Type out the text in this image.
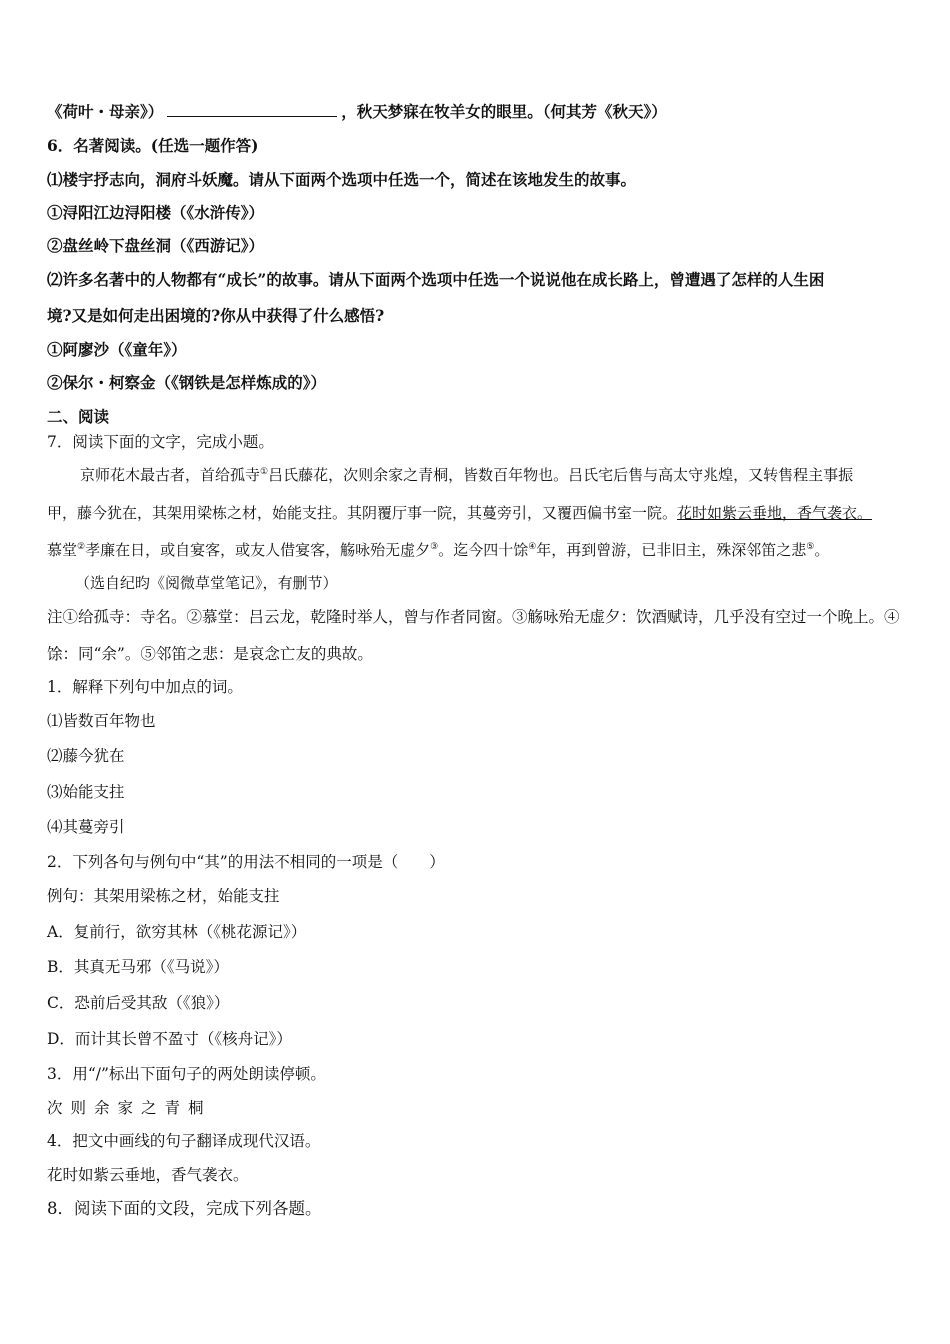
《荷叶・母亲》）	，秋天梦寐在牧羊女的眼里。（何其芳《秋天》）
6．名著阅读。(任选一题作答)
⑴楼宇抒志向，洞府斗妖魔。请从下面两个选项中任选一个，简述在该地发生的故事。
①浔阳江边浔阳楼（《水浒传》）
②盘丝岭下盘丝洞（《西游记》）
⑵许多名著中的人物都有“成长”的故事。请从下面两个选项中任选一个说说他在成长路上，曾遭遇了怎样的人生困
境?又是如何走出困境的?你从中获得了什么感悟?
①阿廖沙（《童年》）
②保尔・柯察金（《钢铁是怎样炼成的》）
二、阅读
7．阅读下面的文字，完成小题。
京师花木最古者，首给孤寺①吕氏藤花，次则余家之青桐，皆数百年物也。吕氏宅后售与高太守兆煌，又转售程主事振
甲，藤今犹在，其架用梁栋之材，始能支拄。其阴覆厅事一院，其蔓旁引，又覆西偏书室一院。花时如紫云垂地，香气袭衣。
慕堂②孝廉在日，或自宴客，或友人借宴客，觞咏殆无虚夕③。迄今四十馀④年，再到曾游，已非旧主，殊深邻笛之悲⑤。
（选自纪昀《阅微草堂笔记》，有删节）
注①给孤寺：寺名。②慕堂：吕云龙，乾隆时举人，曾与作者同窗。③觞咏殆无虚夕：饮酒赋诗，几乎没有空过一个晚上。④
馀：同“余”。⑤邻笛之悲：是哀念亡友的典故。
1．解释下列句中加点的词。
⑴皆数百年物也
⑵藤今犹在
⑶始能支拄
⑷其蔓旁引
2．下列各句与例句中“其”的用法不相同的一项是（　　）
例句：其架用梁栋之材，始能支拄
A．复前行，欲穷其林（《桃花源记》）
B．其真无马邪（《马说》）
C．恐前后受其敌（《狼》）
D．而计其长曾不盈寸（《核舟记》）
3．用“/”标出下面句子的两处朗读停顿。
次则余家之青桐
4．把文中画线的句子翻译成现代汉语。
花时如紫云垂地，香气袭衣。
8．阅读下面的文段，完成下列各题。
